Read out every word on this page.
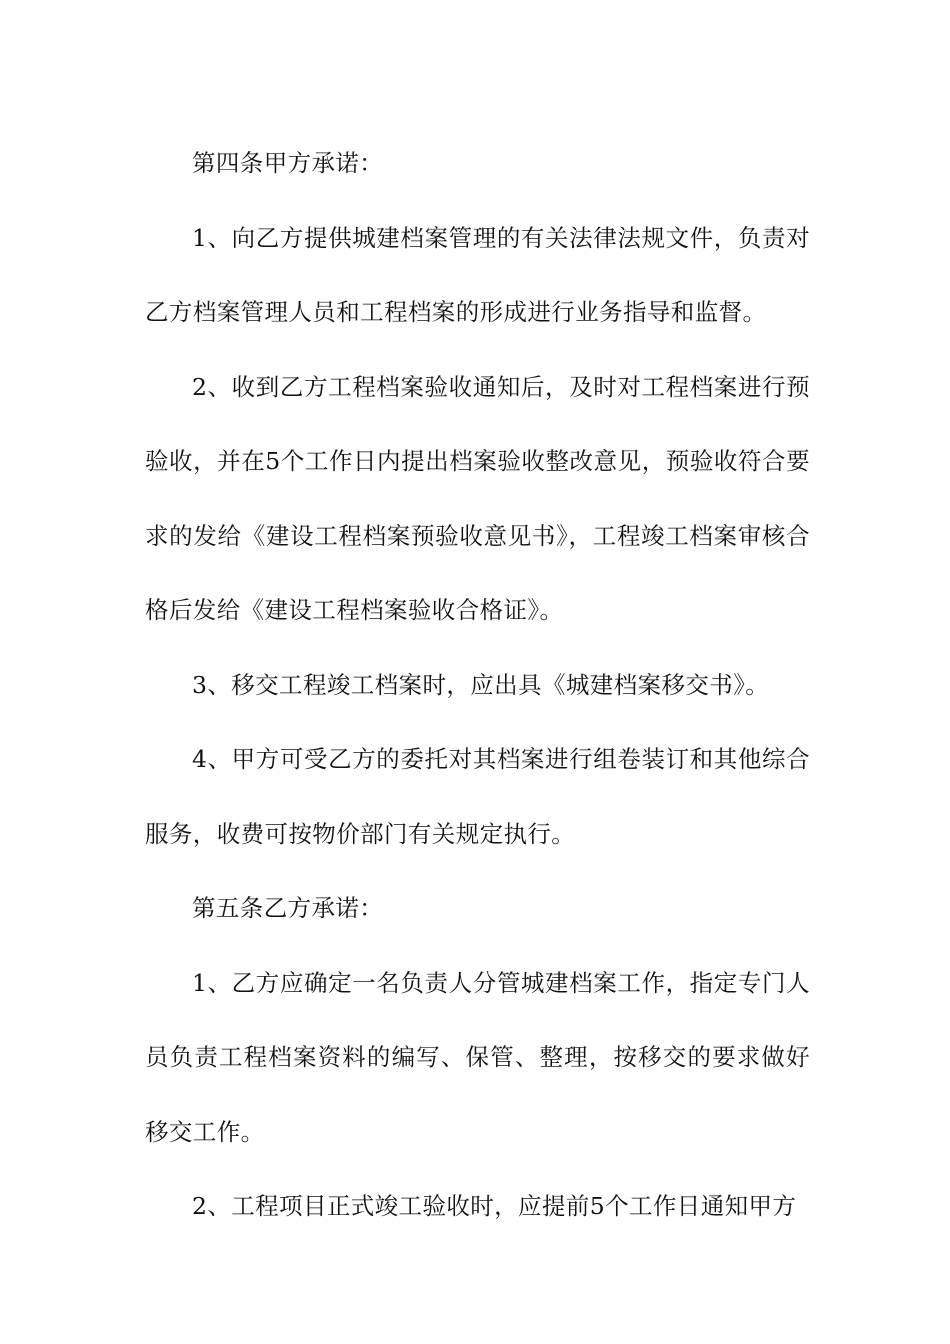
第四条甲方承诺：

1、向乙方提供城建档案管理的有关法律法规文件，负责对乙方档案管理人员和工程档案的形成进行业务指导和监督。

2、收到乙方工程档案验收通知后，及时对工程档案进行预验收，并在5个工作日内提出档案验收整改意见，预验收符合要求的发给《建设工程档案预验收意见书》，工程竣工档案审核合格后发给《建设工程档案验收合格证》。

3、移交工程竣工档案时，应出具《城建档案移交书》。

4、甲方可受乙方的委托对其档案进行组卷装订和其他综合服务，收费可按物价部门有关规定执行。

第五条乙方承诺：

1、乙方应确定一名负责人分管城建档案工作，指定专门人员负责工程档案资料的编写、保管、整理，按移交的要求做好移交工作。

2、工程项目正式竣工验收时，应提前5个工作日通知甲方
